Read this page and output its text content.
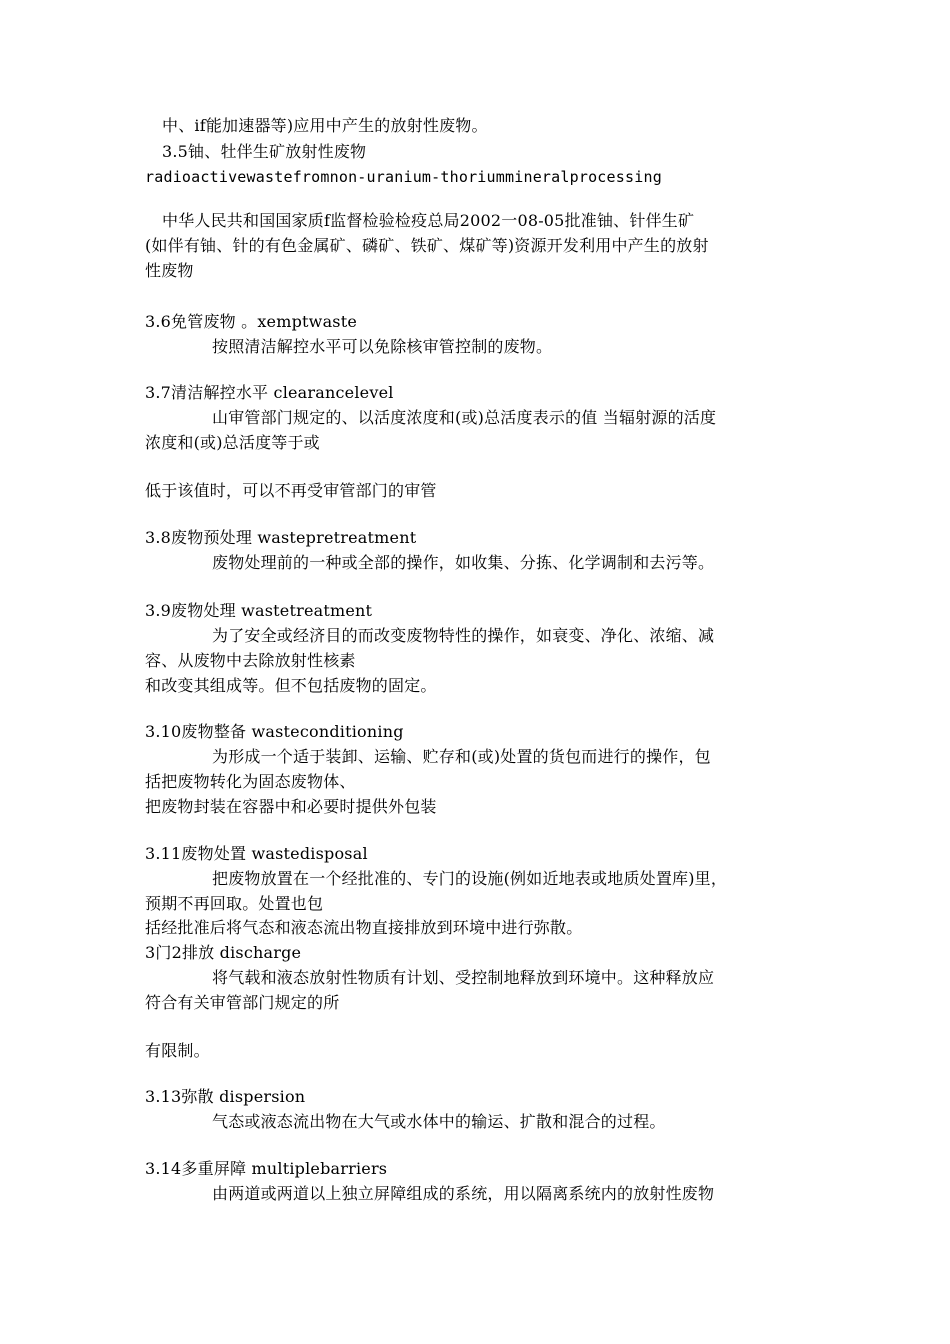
中、if能加速器等)应用中产生的放射性废物。
3.5铀、牡伴生矿放射性废物
radioactivewastefromnon-uranium-thoriummineralprocessing
中华人民共和国国家质f监督检验检疫总局2002一08-05批准铀、针伴生矿
(如伴有铀、针的有色金属矿、磷矿、铁矿、煤矿等)资源开发利用中产生的放射
性废物
3.6免管废物 。xemptwaste
按照清洁解控水平可以免除核审管控制的废物。
3.7清洁解控水平 clearancelevel
山审管部门规定的、以活度浓度和(或)总活度表示的值 当辐射源的活度
浓度和(或)总活度等于或
低于该值时，可以不再受审管部门的审管
3.8废物预处理 wastepretreatment
废物处理前的一种或全部的操作，如收集、分拣、化学调制和去污等。
3.9废物处理 wastetreatment
为了安全或经济目的而改变废物特性的操作，如衰变、净化、浓缩、减
容、从废物中去除放射性核素
和改变其组成等。但不包括废物的固定。
3.10废物整备 wasteconditioning
为形成一个适于装卸、运输、贮存和(或)处置的货包而进行的操作，包
括把废物转化为固态废物体、
把废物封装在容器中和必要时提供外包装
3.11废物处置 wastedisposal
把废物放置在一个经批准的、专门的设施(例如近地表或地质处置库)里，
预期不再回取。处置也包
括经批准后将气态和液态流出物直接排放到环境中进行弥散。
3门2排放 discharge
将气载和液态放射性物质有计划、受控制地释放到环境中。这种释放应
符合有关审管部门规定的所
有限制。
3.13弥散 dispersion
气态或液态流出物在大气或水体中的输运、扩散和混合的过程。
3.14多重屏障 multiplebarriers
由两道或两道以上独立屏障组成的系统，用以隔离系统内的放射性废物
